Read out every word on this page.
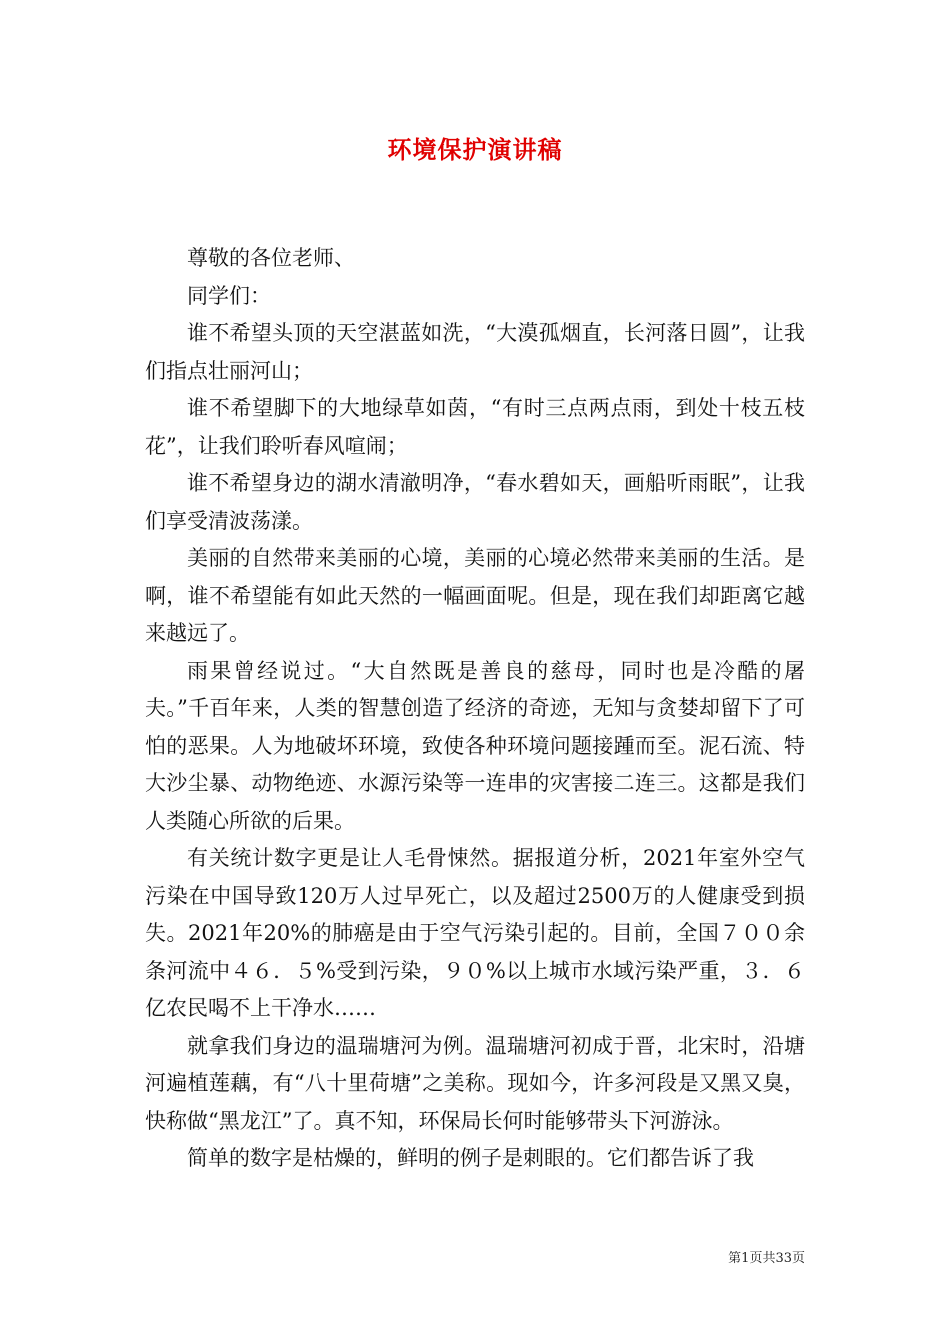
环境保护演讲稿

尊敬的各位老师、

同学们：

谁不希望头顶的天空湛蓝如洗，“大漠孤烟直，长河落日圆”，让我们指点壮丽河山；

谁不希望脚下的大地绿草如茵，“有时三点两点雨，到处十枝五枝花”，让我们聆听春风喧闹；

谁不希望身边的湖水清澈明净，“春水碧如天，画船听雨眠”，让我们享受清波荡漾。

美丽的自然带来美丽的心境，美丽的心境必然带来美丽的生活。是啊，谁不希望能有如此天然的一幅画面呢。但是，现在我们却距离它越来越远了。

雨果曾经说过。“大自然既是善良的慈母，同时也是冷酷的屠夫。”千百年来，人类的智慧创造了经济的奇迹，无知与贪婪却留下了可怕的恶果。人为地破坏环境，致使各种环境问题接踵而至。泥石流、特大沙尘暴、动物绝迹、水源污染等一连串的灾害接二连三。这都是我们人类随心所欲的后果。

有关统计数字更是让人毛骨悚然。据报道分析，2021年室外空气污染在中国导致120万人过早死亡，以及超过2500万的人健康受到损失。2021年20%的肺癌是由于空气污染引起的。目前，全国７００余条河流中４６．５%受到污染，９０%以上城市水域污染严重，３．６亿农民喝不上干净水……

就拿我们身边的温瑞塘河为例。温瑞塘河初成于晋，北宋时，沿塘河遍植莲藕，有“八十里荷塘”之美称。现如今，许多河段是又黑又臭，快称做“黑龙江”了。真不知，环保局长何时能够带头下河游泳。

简单的数字是枯燥的，鲜明的例子是刺眼的。它们都告诉了我

第1页共33页
